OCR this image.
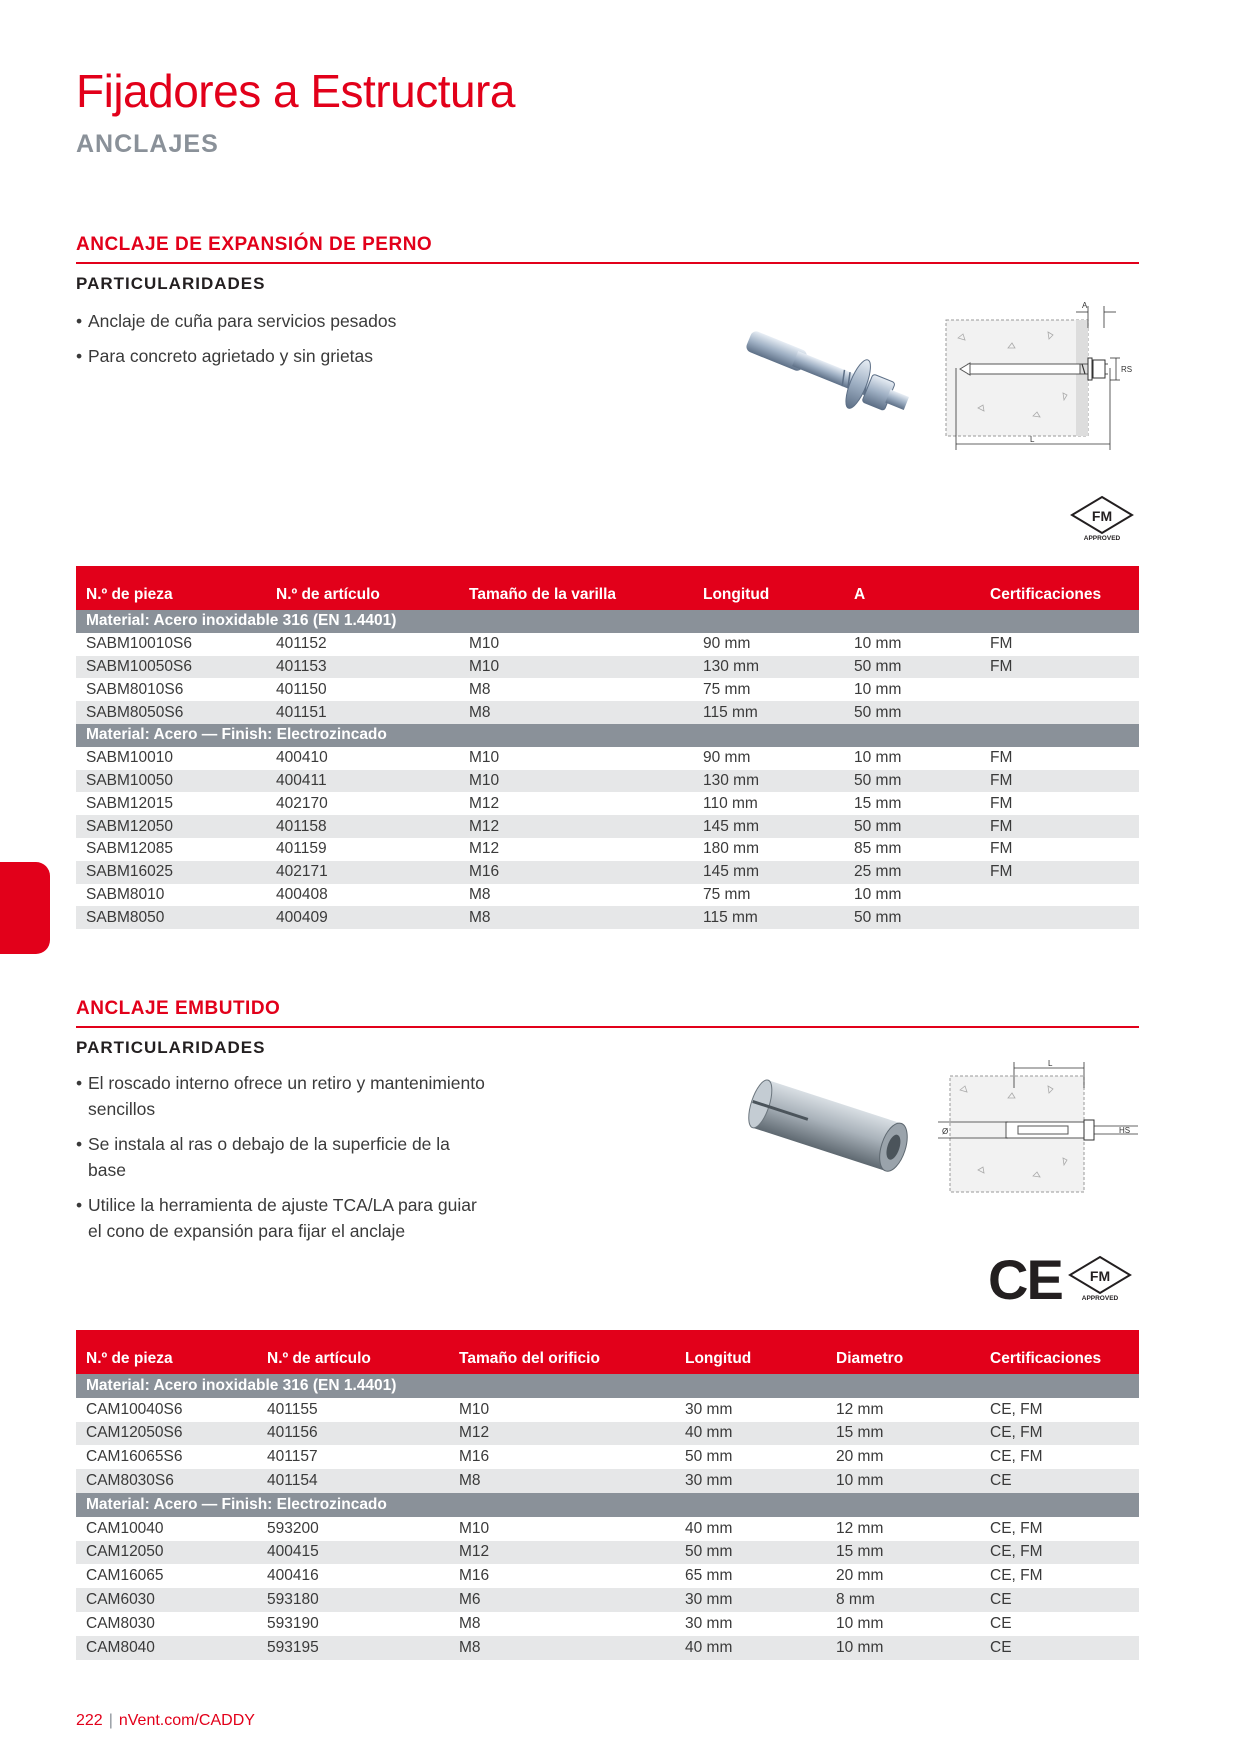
Fijadores a Estructura
ANCLAJES
ANCLAJE DE EXPANSIÓN DE PERNO
PARTICULARIDADES
• Anclaje de cuña para servicios pesados
• Para concreto agrietado y sin grietas
A
RS
L
FM
APPROVED
N.º de pieza	N.º de artículo	Tamaño de la varilla	Longitud	A	Certificaciones
Material: Acero inoxidable 316 (EN 1.4401)					
SABM10010S6	401152	M10	90 mm	10 mm	FM
SABM10050S6	401153	M10	130 mm	50 mm	FM
SABM8010S6	401150	M8	75 mm	10 mm	
SABM8050S6	401151	M8	115 mm	50 mm	
Material: Acero — Finish: Electrozincado					
SABM10010	400410	M10	90 mm	10 mm	FM
SABM10050	400411	M10	130 mm	50 mm	FM
SABM12015	402170	M12	110 mm	15 mm	FM
SABM12050	401158	M12	145 mm	50 mm	FM
SABM12085	401159	M12	180 mm	85 mm	FM
SABM16025	402171	M16	145 mm	25 mm	FM
SABM8010	400408	M8	75 mm	10 mm	
SABM8050	400409	M8	115 mm	50 mm	
ANCLAJE EMBUTIDO
PARTICULARIDADES
• El roscado interno ofrece un retiro y mantenimiento sencillos
• Se instala al ras o debajo de la superficie de la base
• Utilice la herramienta de ajuste TCA/LA para guiar el cono de expansión para fijar el anclaje
L
Ø	HS
CE FM
APPROVED
N.º de pieza	N.º de artículo	Tamaño del orificio	Longitud	Diametro	Certificaciones
Material: Acero inoxidable 316 (EN 1.4401)					
CAM10040S6	401155	M10	30 mm	12 mm	CE, FM
CAM12050S6	401156	M12	40 mm	15 mm	CE, FM
CAM16065S6	401157	M16	50 mm	20 mm	CE, FM
CAM8030S6	401154	M8	30 mm	10 mm	CE
Material: Acero — Finish: Electrozincado					
CAM10040	593200	M10	40 mm	12 mm	CE, FM
CAM12050	400415	M12	50 mm	15 mm	CE, FM
CAM16065	400416	M16	65 mm	20 mm	CE, FM
CAM6030	593180	M6	30 mm	8 mm	CE
CAM8030	593190	M8	30 mm	10 mm	CE
CAM8040	593195	M8	40 mm	10 mm	CE
222 | nVent.com/CADDY
